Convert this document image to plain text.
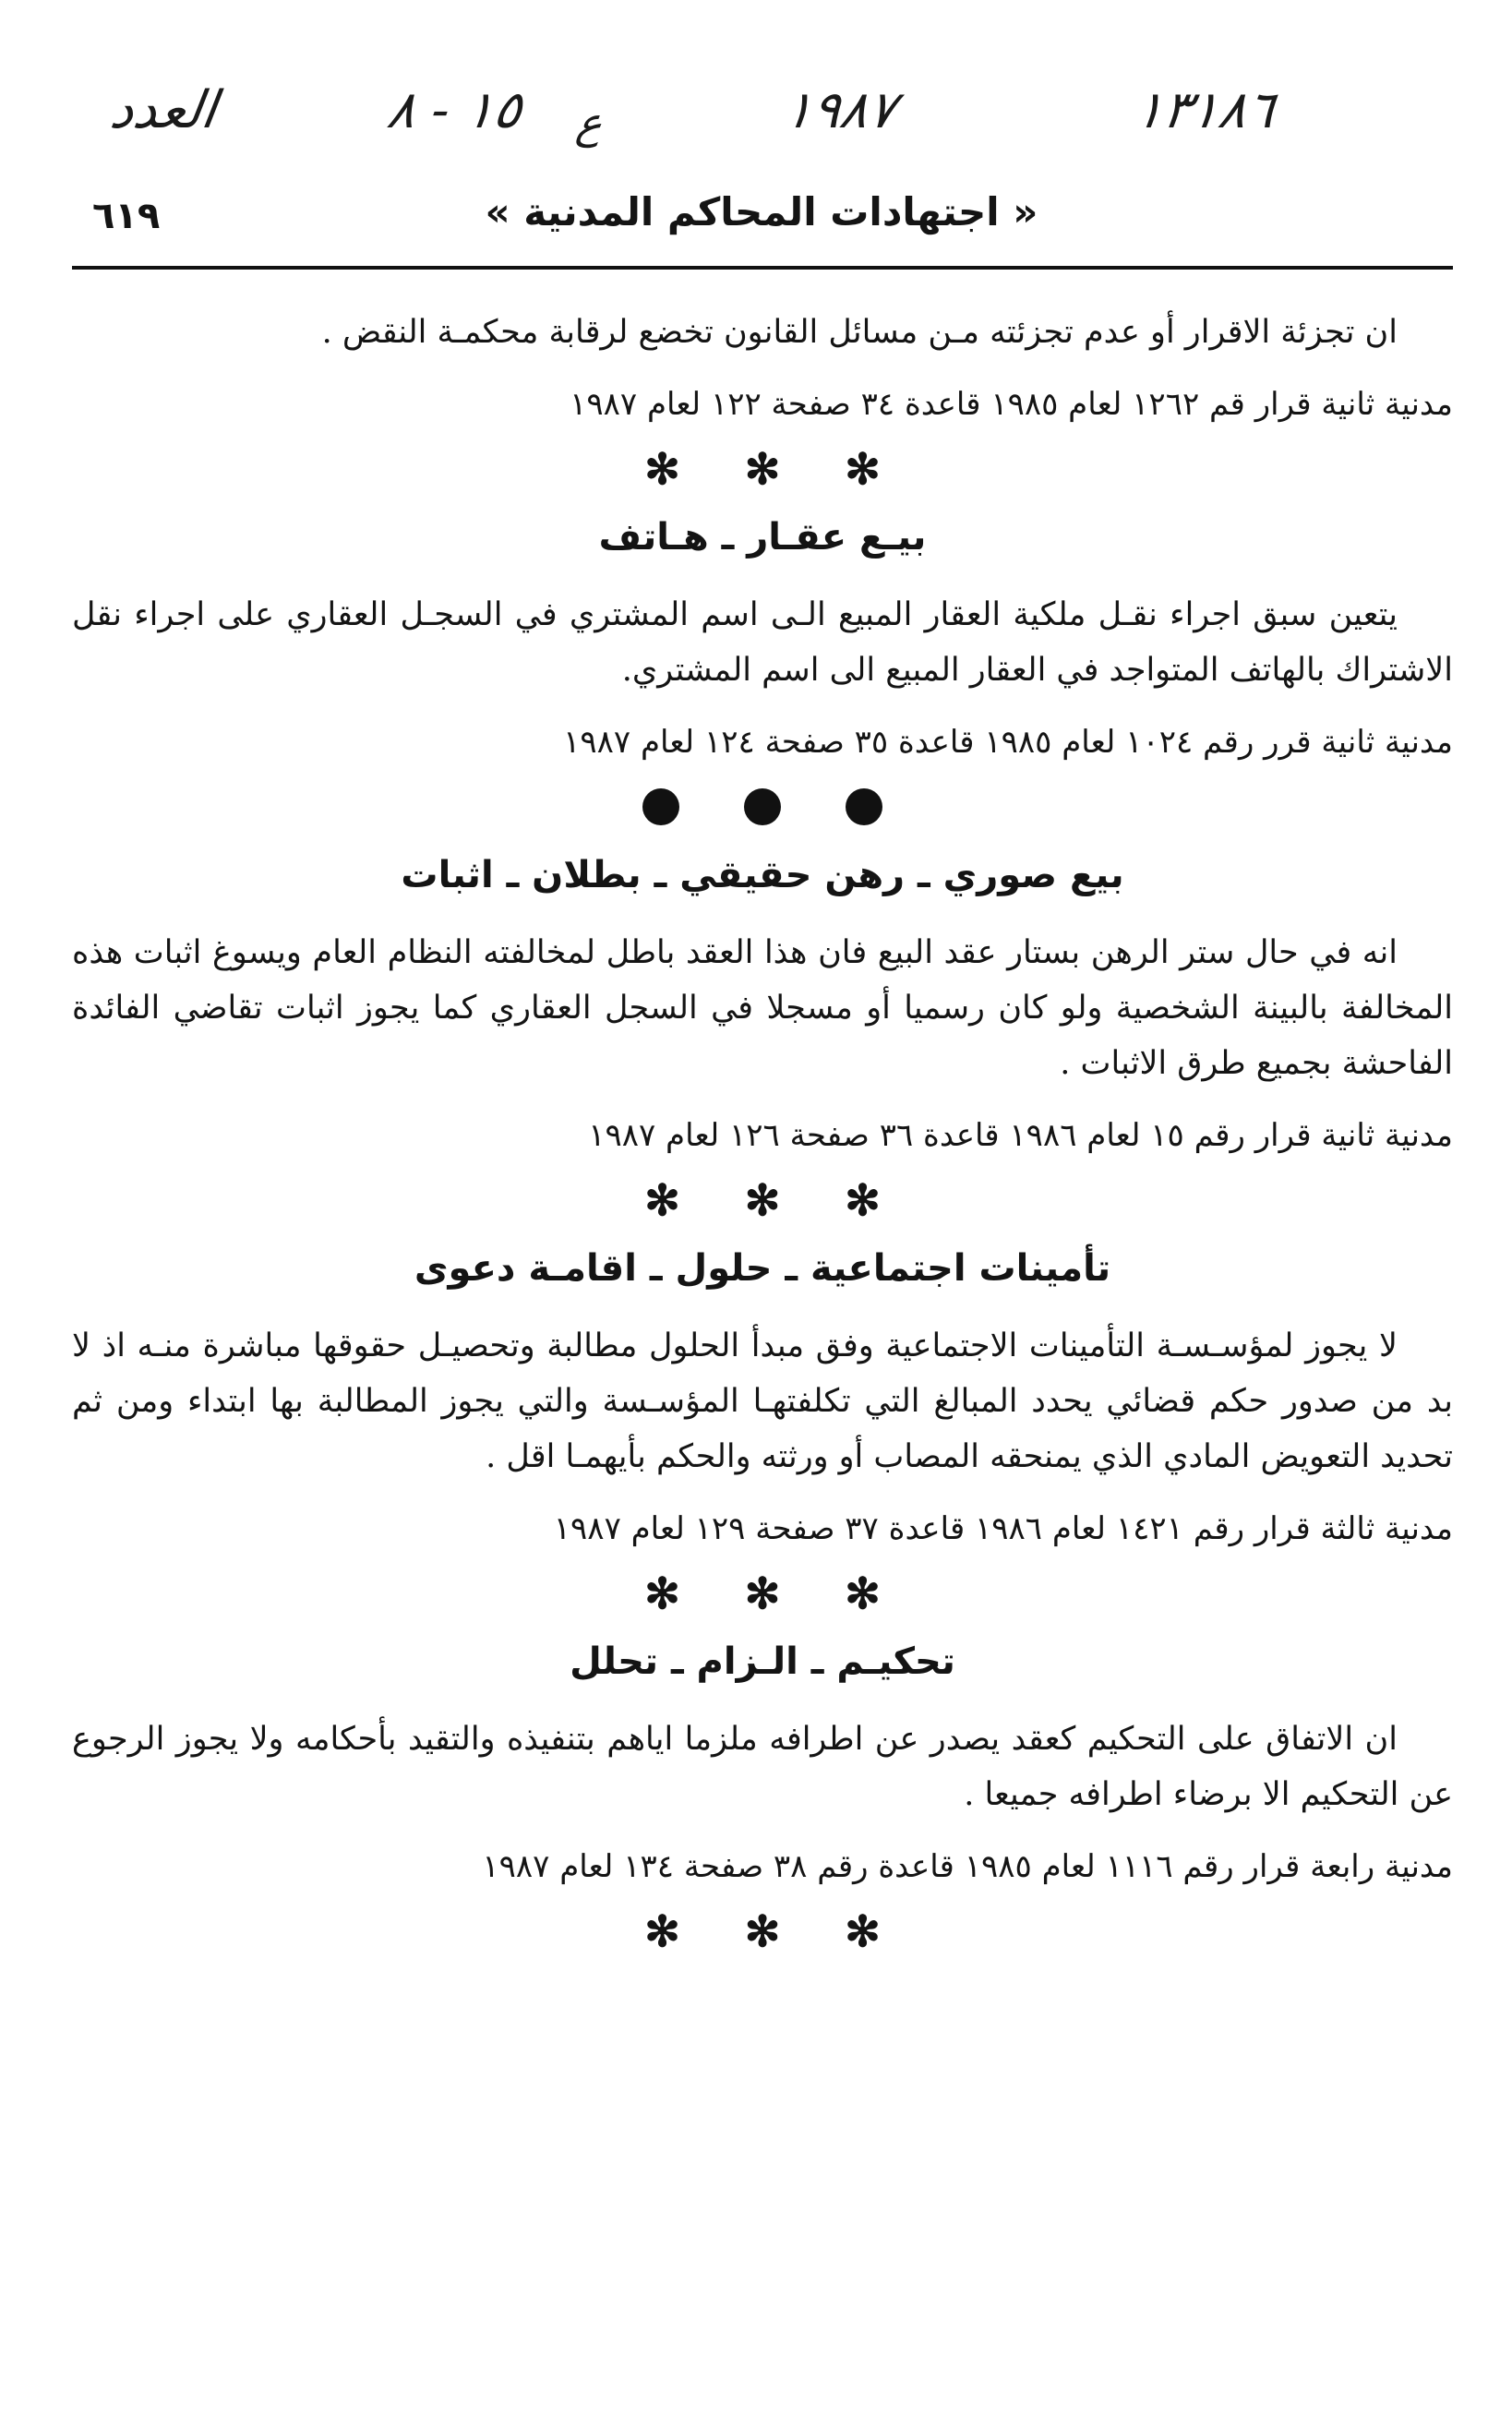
ﺍﻟﻌﺪﺩ	١٥ - ٨ ع	١٩٨٧	١٣١٨٦
« اجتهادات المحاكم المدنية »
٦١٩

ان تجزئة الاقرار أو عدم تجزئته مـن مسائل القانون تخضع لرقابة محكمـة النقض .

مدنية ثانية قرار قم ١٢٦٢ لعام ١٩٨٥ قاعدة ٣٤ صفحة ١٢٢ لعام ١٩٨٧

✻
✻
✻
بيـع عقـار ـ هـاتف

يتعين سبق اجراء نقـل ملكية العقار المبيع الـى اسم المشتري في السجـل العقاري على اجراء نقل الاشتراك بالهاتف المتواجد في العقار المبيع الى اسم المشتري.

مدنية ثانية قرر رقم ١٠٢٤ لعام ١٩٨٥ قاعدة ٣٥ صفحة ١٢٤ لعام ١٩٨٧

بيع صوري ـ رهن حقيقي ـ بطلان ـ اثبات

انه في حال ستر الرهن بستار عقد البيع فان هذا العقد باطل لمخالفته النظام العام ويسوغ اثبات هذه المخالفة بالبينة الشخصية ولو كان رسميا أو مسجلا في السجل العقاري كما يجوز اثبات تقاضي الفائدة الفاحشة بجميع طرق الاثبات .

مدنية ثانية قرار رقم ١٥ لعام ١٩٨٦ قاعدة ٣٦ صفحة ١٢٦ لعام ١٩٨٧

✻
✻
✻
تأمينات اجتماعية ـ حلول ـ اقامـة دعوى

لا يجوز لمؤسـسـة التأمينات الاجتماعية وفق مبدأ الحلول مطالبة وتحصيـل حقوقها مباشرة منـه اذ لا بد من صدور حكم قضائي يحدد المبالغ التي تكلفتهـا المؤسـسة والتي يجوز المطالبة بها ابتداء ومن ثم تحديد التعويض المادي الذي يمنحقه المصاب أو ورثته والحكم بأيهمـا اقل .

مدنية ثالثة قرار رقم ١٤٢١ لعام ١٩٨٦ قاعدة ٣٧ صفحة ١٢٩ لعام ١٩٨٧

✻
✻
✻
تحكيـم ـ الـزام ـ تحلل

ان الاتفاق على التحكيم كعقد يصدر عن اطرافه ملزما اياهم بتنفيذه والتقيد بأحكامه ولا يجوز الرجوع عن التحكيم الا برضاء اطرافه جميعا .

مدنية رابعة قرار رقم ١١١٦ لعام ١٩٨٥ قاعدة رقم ٣٨ صفحة ١٣٤ لعام ١٩٨٧

✻
✻
✻
